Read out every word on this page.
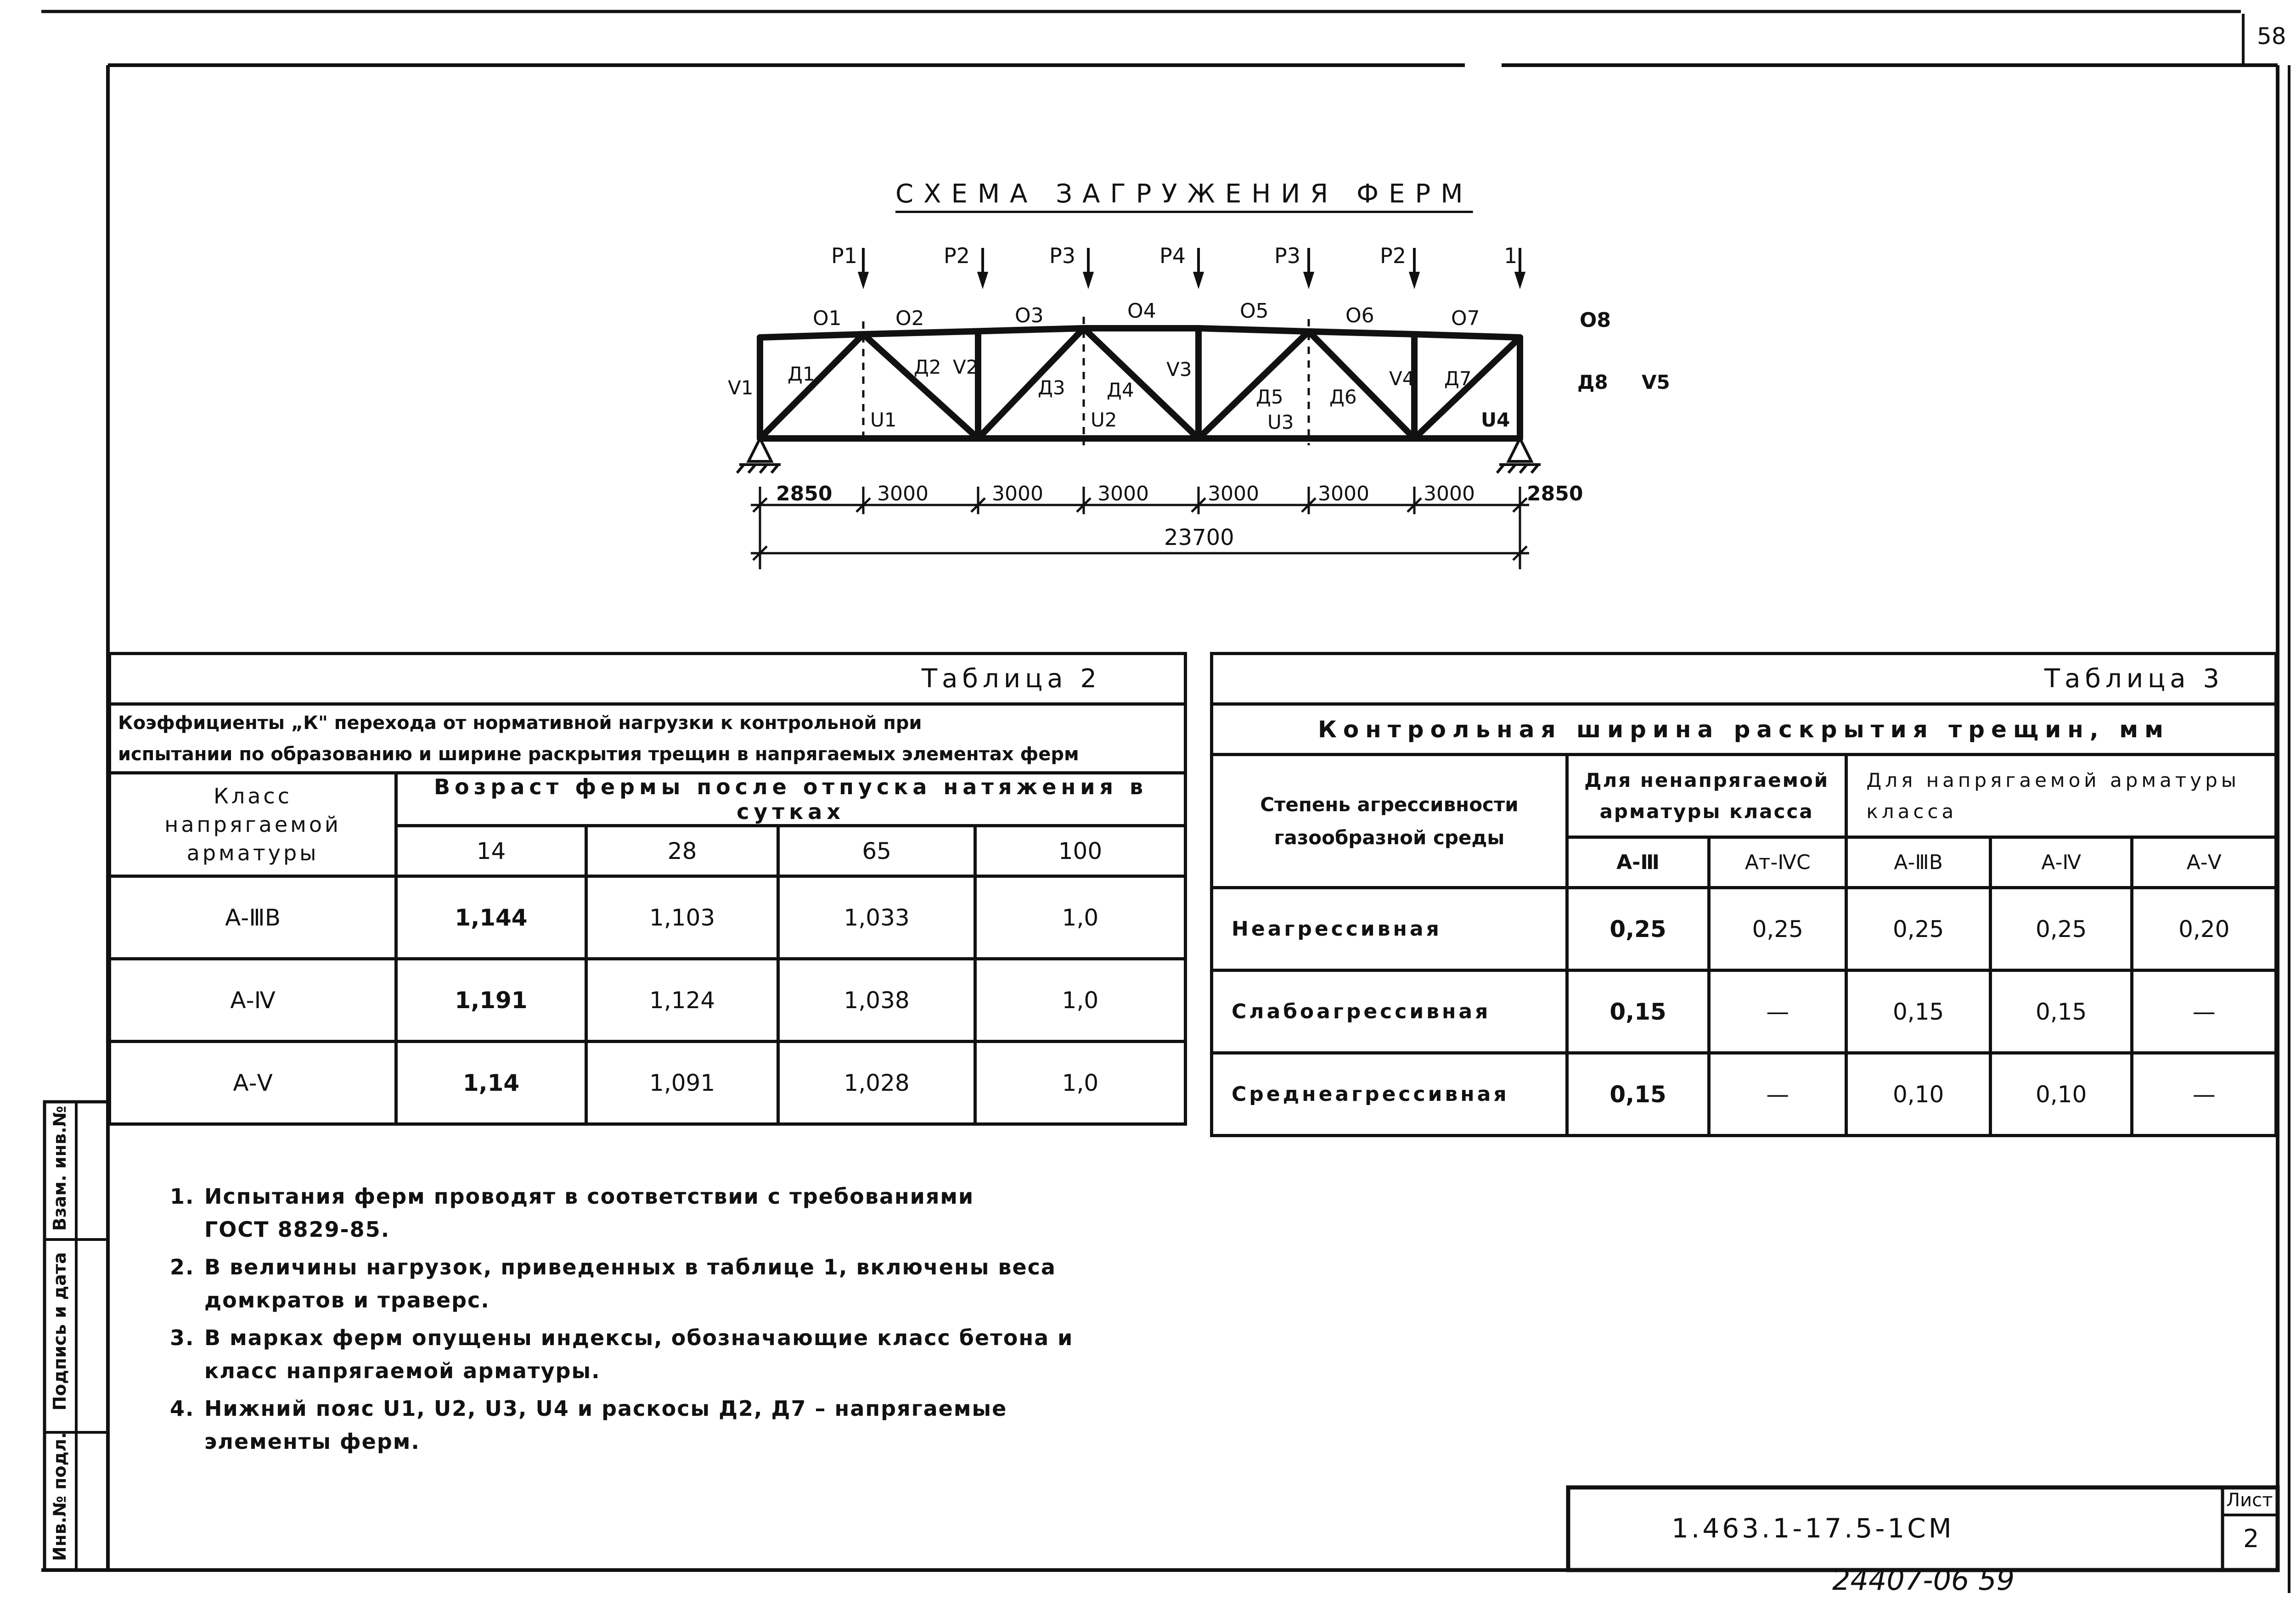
58
СХЕМА ЗАГРУЖЕНИЯ ФЕРМ
P1	P2	P3	P4	P3	P2	1
О1	О2	О3	О4	О5	О6	О7	О8
V1
V2	V3	V4	V5
Д1	Д2
Д3 Д4	Д5 Д6
Д7	Д8
U1	U2	U3	U4
2850 3000	3000	3000	3000	3000	3000	2850
23700
Таблица 2				

Коэффициенты „К" перехода от нормативной нагрузки к контрольной при
испытании по образованию и ширине раскрытия трещин в напрягаемых элементах ферм				

Класс напрягаемой арматуры	Возраст фермы после отпуска натяжения в сутках			
	14	28	65	100
А-ⅢВ	1,144	1,103	1,033	1,0
А-Ⅳ	1,191	1,124	1,038	1,0
А-Ⅴ	1,14	1,091	1,028	1,0
Таблица 3					
Контрольная ширина раскрытия трещин, мм					
Степень агрессивности газообразной среды	Для ненапрягаемой арматуры класса		Для напрягаемой арматуры класса		
	А-Ⅲ	Ат-ⅣС	А-ⅢВ	А-Ⅳ	А-Ⅴ
Неагрессивная	0,25	0,25	0,25	0,25	0,20
Слабоагрессивная	0,15	—	0,15	0,15	—
Среднеагрессивная	0,15	—	0,10	0,10	—
1. Испытания ферм проводят в соответствии с требованиями
ГОСТ 8829-85.
2. В величины нагрузок, приведенных в таблице 1, включены веса
домкратов и траверс.
3. В марках ферм опущены индексы, обозначающие класс бетона и
класс напрягаемой арматуры.
4. Нижний пояс U1, U2, U3, U4 и раскосы Д2, Д7 – напрягаемые
элементы ферм.
Инв.№ подл.
Подпись и дата
Взам. инв.№
1.463.1-17.5-1СМ
Лист
2
24407-06 59
